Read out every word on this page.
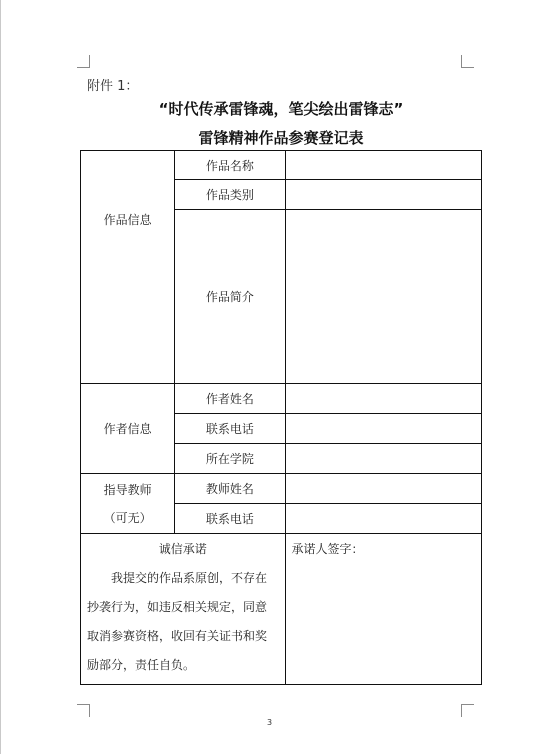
附件 1：
“时代传承雷锋魂，笔尖绘出雷锋志”
雷锋精神作品参赛登记表
作品信息	作品名称	
	作品类别	
	作品简介	
作者信息	作者姓名	
	联系电话	
	所在学院	

指导教师
（可无）	教师姓名	
	联系电话	

诚信承诺
我提交的作品系原创，不存在抄袭行为，如违反相关规定，同意取消参赛资格，收回有关证书和奖励部分，责任自负。		承诺人签字：
3
